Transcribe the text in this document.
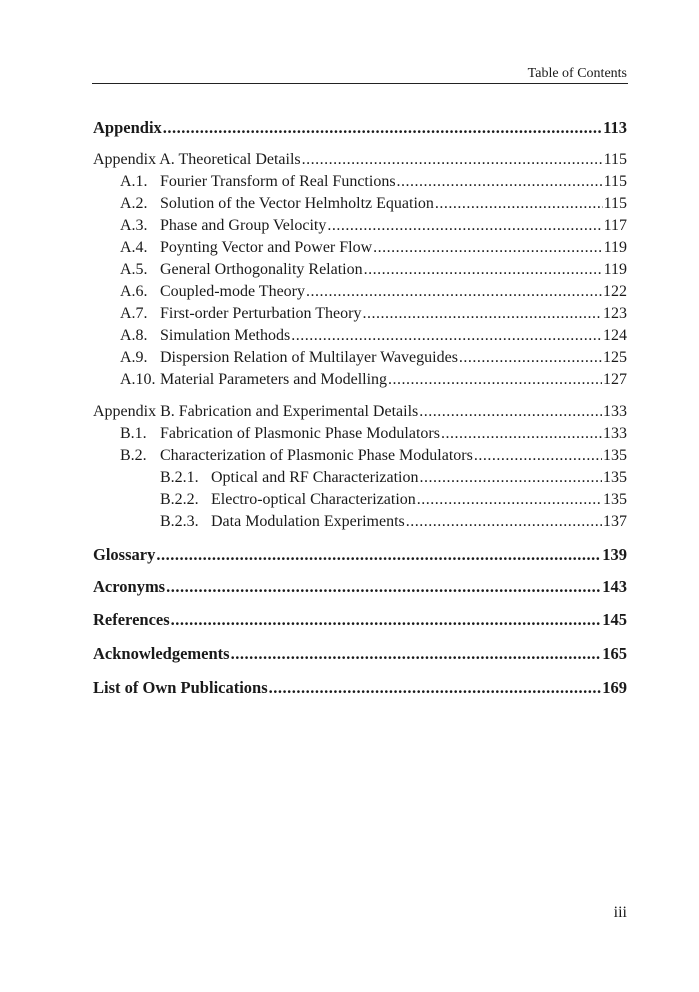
Table of Contents
Appendix .....	113
Appendix A. Theoretical Details .....	115
A.1. Fourier Transform of Real Functions .....	115
A.2. Solution of the Vector Helmholtz Equation .....	115
A.3. Phase and Group Velocity .....	117
A.4. Poynting Vector and Power Flow .....	119
A.5. General Orthogonality Relation .....	119
A.6. Coupled-mode Theory .....	122
A.7. First-order Perturbation Theory .....	123
A.8. Simulation Methods .....	124
A.9. Dispersion Relation of Multilayer Waveguides .....	125
A.10. Material Parameters and Modelling .....	127
Appendix B. Fabrication and Experimental Details .....	133
B.1. Fabrication of Plasmonic Phase Modulators .....	133
B.2. Characterization of Plasmonic Phase Modulators .....	135
B.2.1. Optical and RF Characterization .....	135
B.2.2. Electro-optical Characterization .....	135
B.2.3. Data Modulation Experiments .....	137
Glossary .....	139
Acronyms .....	143
References .....	145
Acknowledgements .....	165
List of Own Publications .....	169
iii
